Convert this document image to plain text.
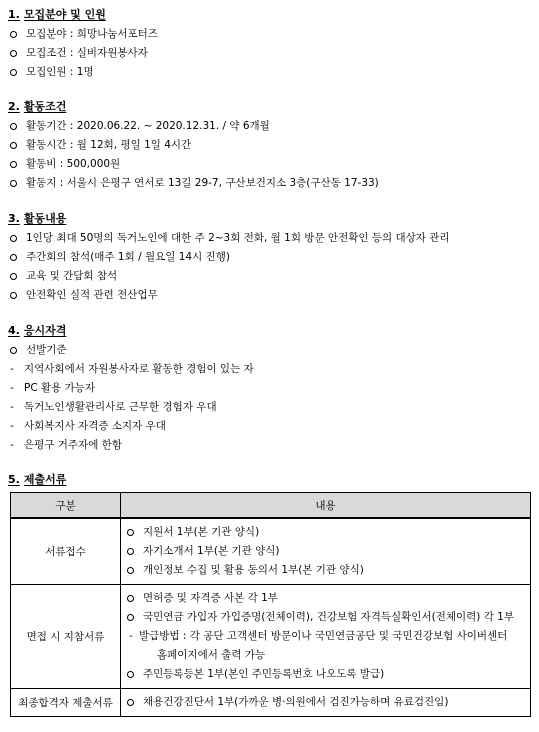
1. 모집분야 및 인원
모집분야 : 희망나눔서포터즈
모집조건 : 실비자원봉사자
모집인원 : 1명
2. 활동조건
활동기간 : 2020.06.22. ~ 2020.12.31. / 약 6개월
활동시간 : 월 12회, 평일 1일 4시간
활동비 : 500,000원
활동지 : 서울시 은평구 연서로 13길 29-7, 구산보건지소 3층(구산동 17-33)
3. 활동내용
1인당 최대 50명의 독거노인에 대한 주 2~3회 전화, 월 1회 방문 안전확인 등의 대상자 관리
주간회의 참석(매주 1회 / 월요일 14시 진행)
교육 및 간담회 참석
안전확인 실적 관련 전산업무
4. 응시자격
선발기준
- 지역사회에서 자원봉사자로 활동한 경험이 있는 자
- PC 활용 가능자
- 독거노인생활관리사로 근무한 경험자 우대
- 사회복지사 자격증 소지자 우대
- 은평구 거주자에 한함
5. 제출서류
구분	내용
서류접수	지원서 1부(본 기관 양식)
자기소개서 1부(본 기관 양식)
개인정보 수집 및 활용 동의서 1부(본 기관 양식)

면접 시 지참서류	면허증 및 자격증 사본 각 1부
국민연금 가입자 가입증명(전체이력), 건강보험 자격득실확인서(전체이력) 각 1부
- 발급방법 : 각 공단 고객센터 방문이나 국민연금공단 및 국민건강보험 사이버센터
홈페이지에서 출력 가능
주민등록등본 1부(본인 주민등록번호 나오도록 발급)

최종합격자 제출서류	채용건강진단서 1부(가까운 병·의원에서 검진가능하며 유료검진임)
